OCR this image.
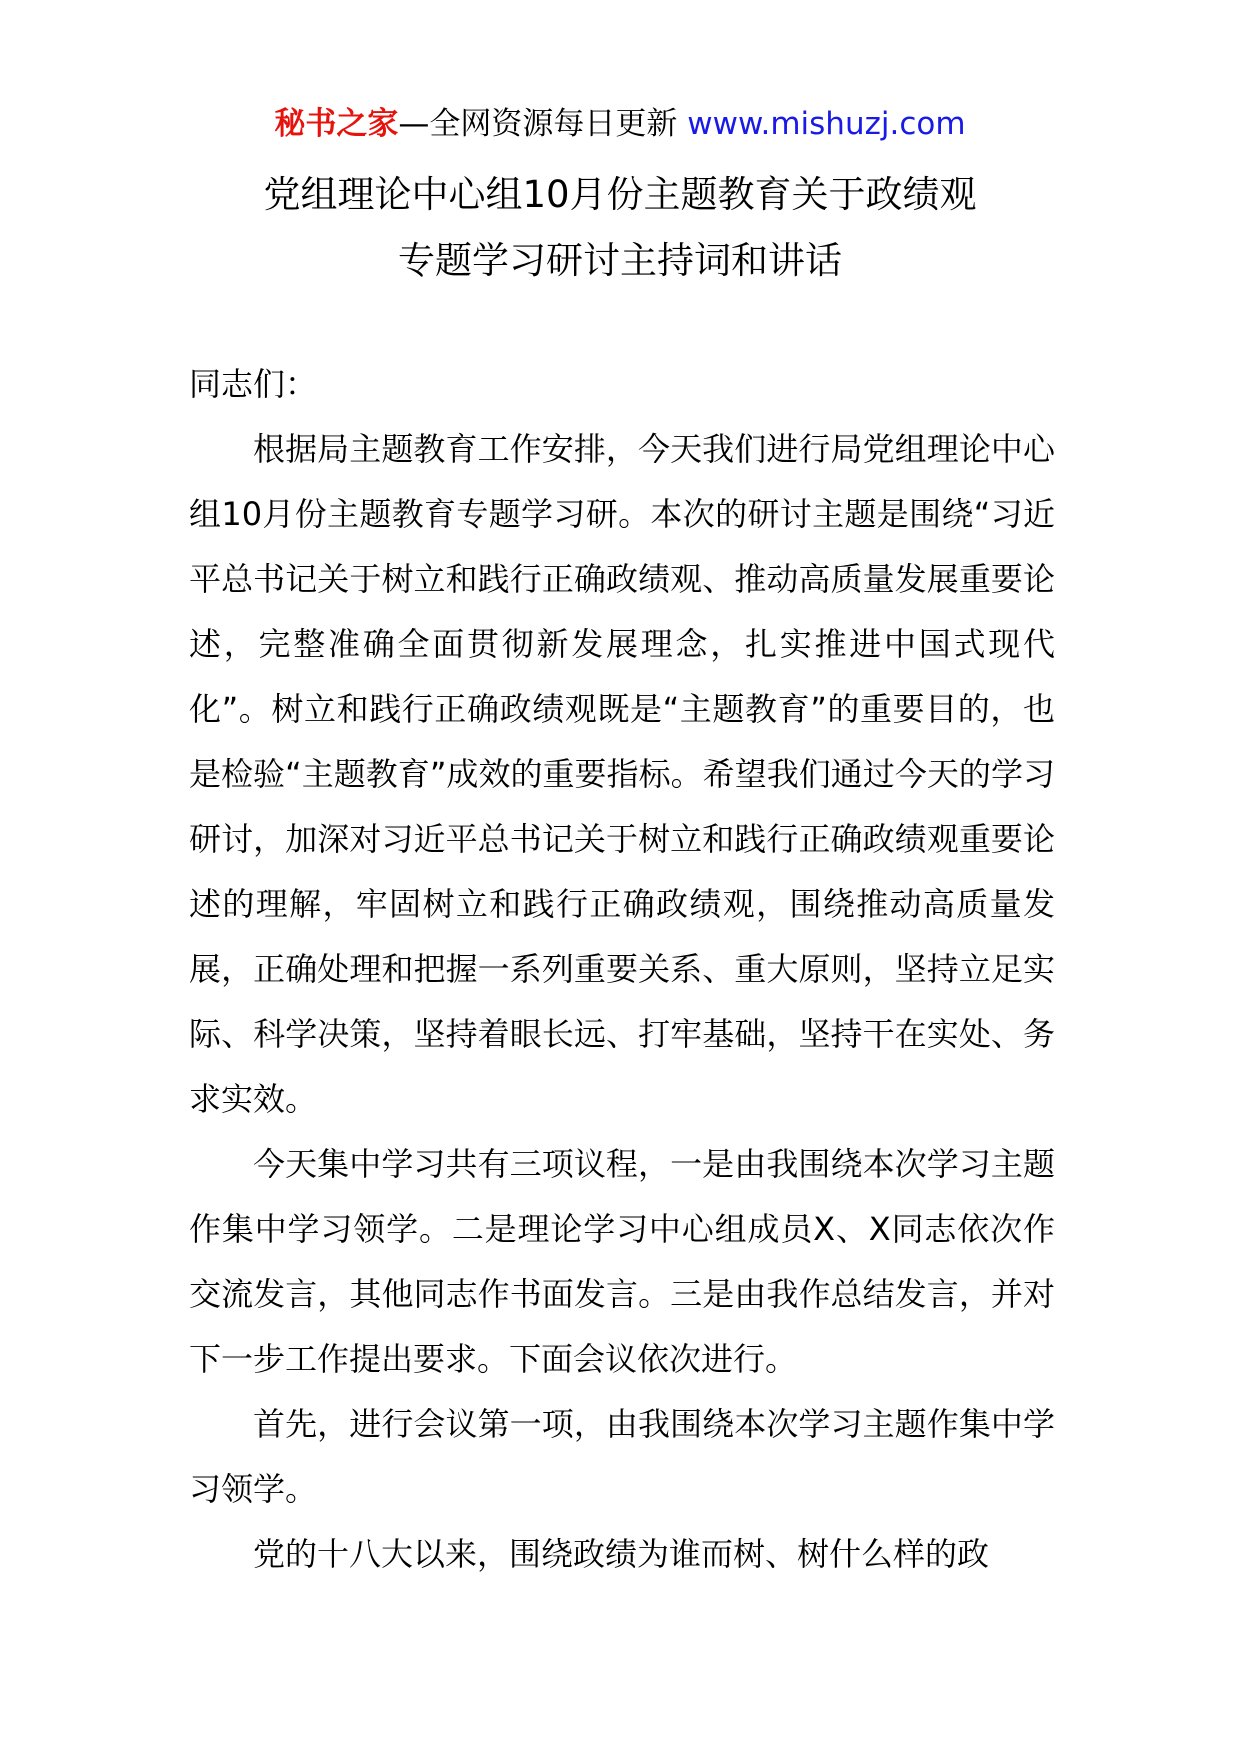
秘书之家—全网资源每日更新 www.mishuzj.com
党组理论中心组10月份主题教育关于政绩观
专题学习研讨主持词和讲话

同志们：

根据局主题教育工作安排，今天我们进行局党组理论中心组10月份主题教育专题学习研。本次的研讨主题是围绕“习近平总书记关于树立和践行正确政绩观、推动高质量发展重要论述，完整准确全面贯彻新发展理念，扎实推进中国式现代化”。树立和践行正确政绩观既是“主题教育”的重要目的，也是检验“主题教育”成效的重要指标。希望我们通过今天的学习研讨，加深对习近平总书记关于树立和践行正确政绩观重要论述的理解，牢固树立和践行正确政绩观，围绕推动高质量发展，正确处理和把握一系列重要关系、重大原则，坚持立足实际、科学决策，坚持着眼长远、打牢基础，坚持干在实处、务求实效。

今天集中学习共有三项议程，一是由我围绕本次学习主题作集中学习领学。二是理论学习中心组成员X、X同志依次作交流发言，其他同志作书面发言。三是由我作总结发言，并对下一步工作提出要求。下面会议依次进行。

首先，进行会议第一项，由我围绕本次学习主题作集中学习领学。

党的十八大以来，围绕政绩为谁而树、树什么样的政
